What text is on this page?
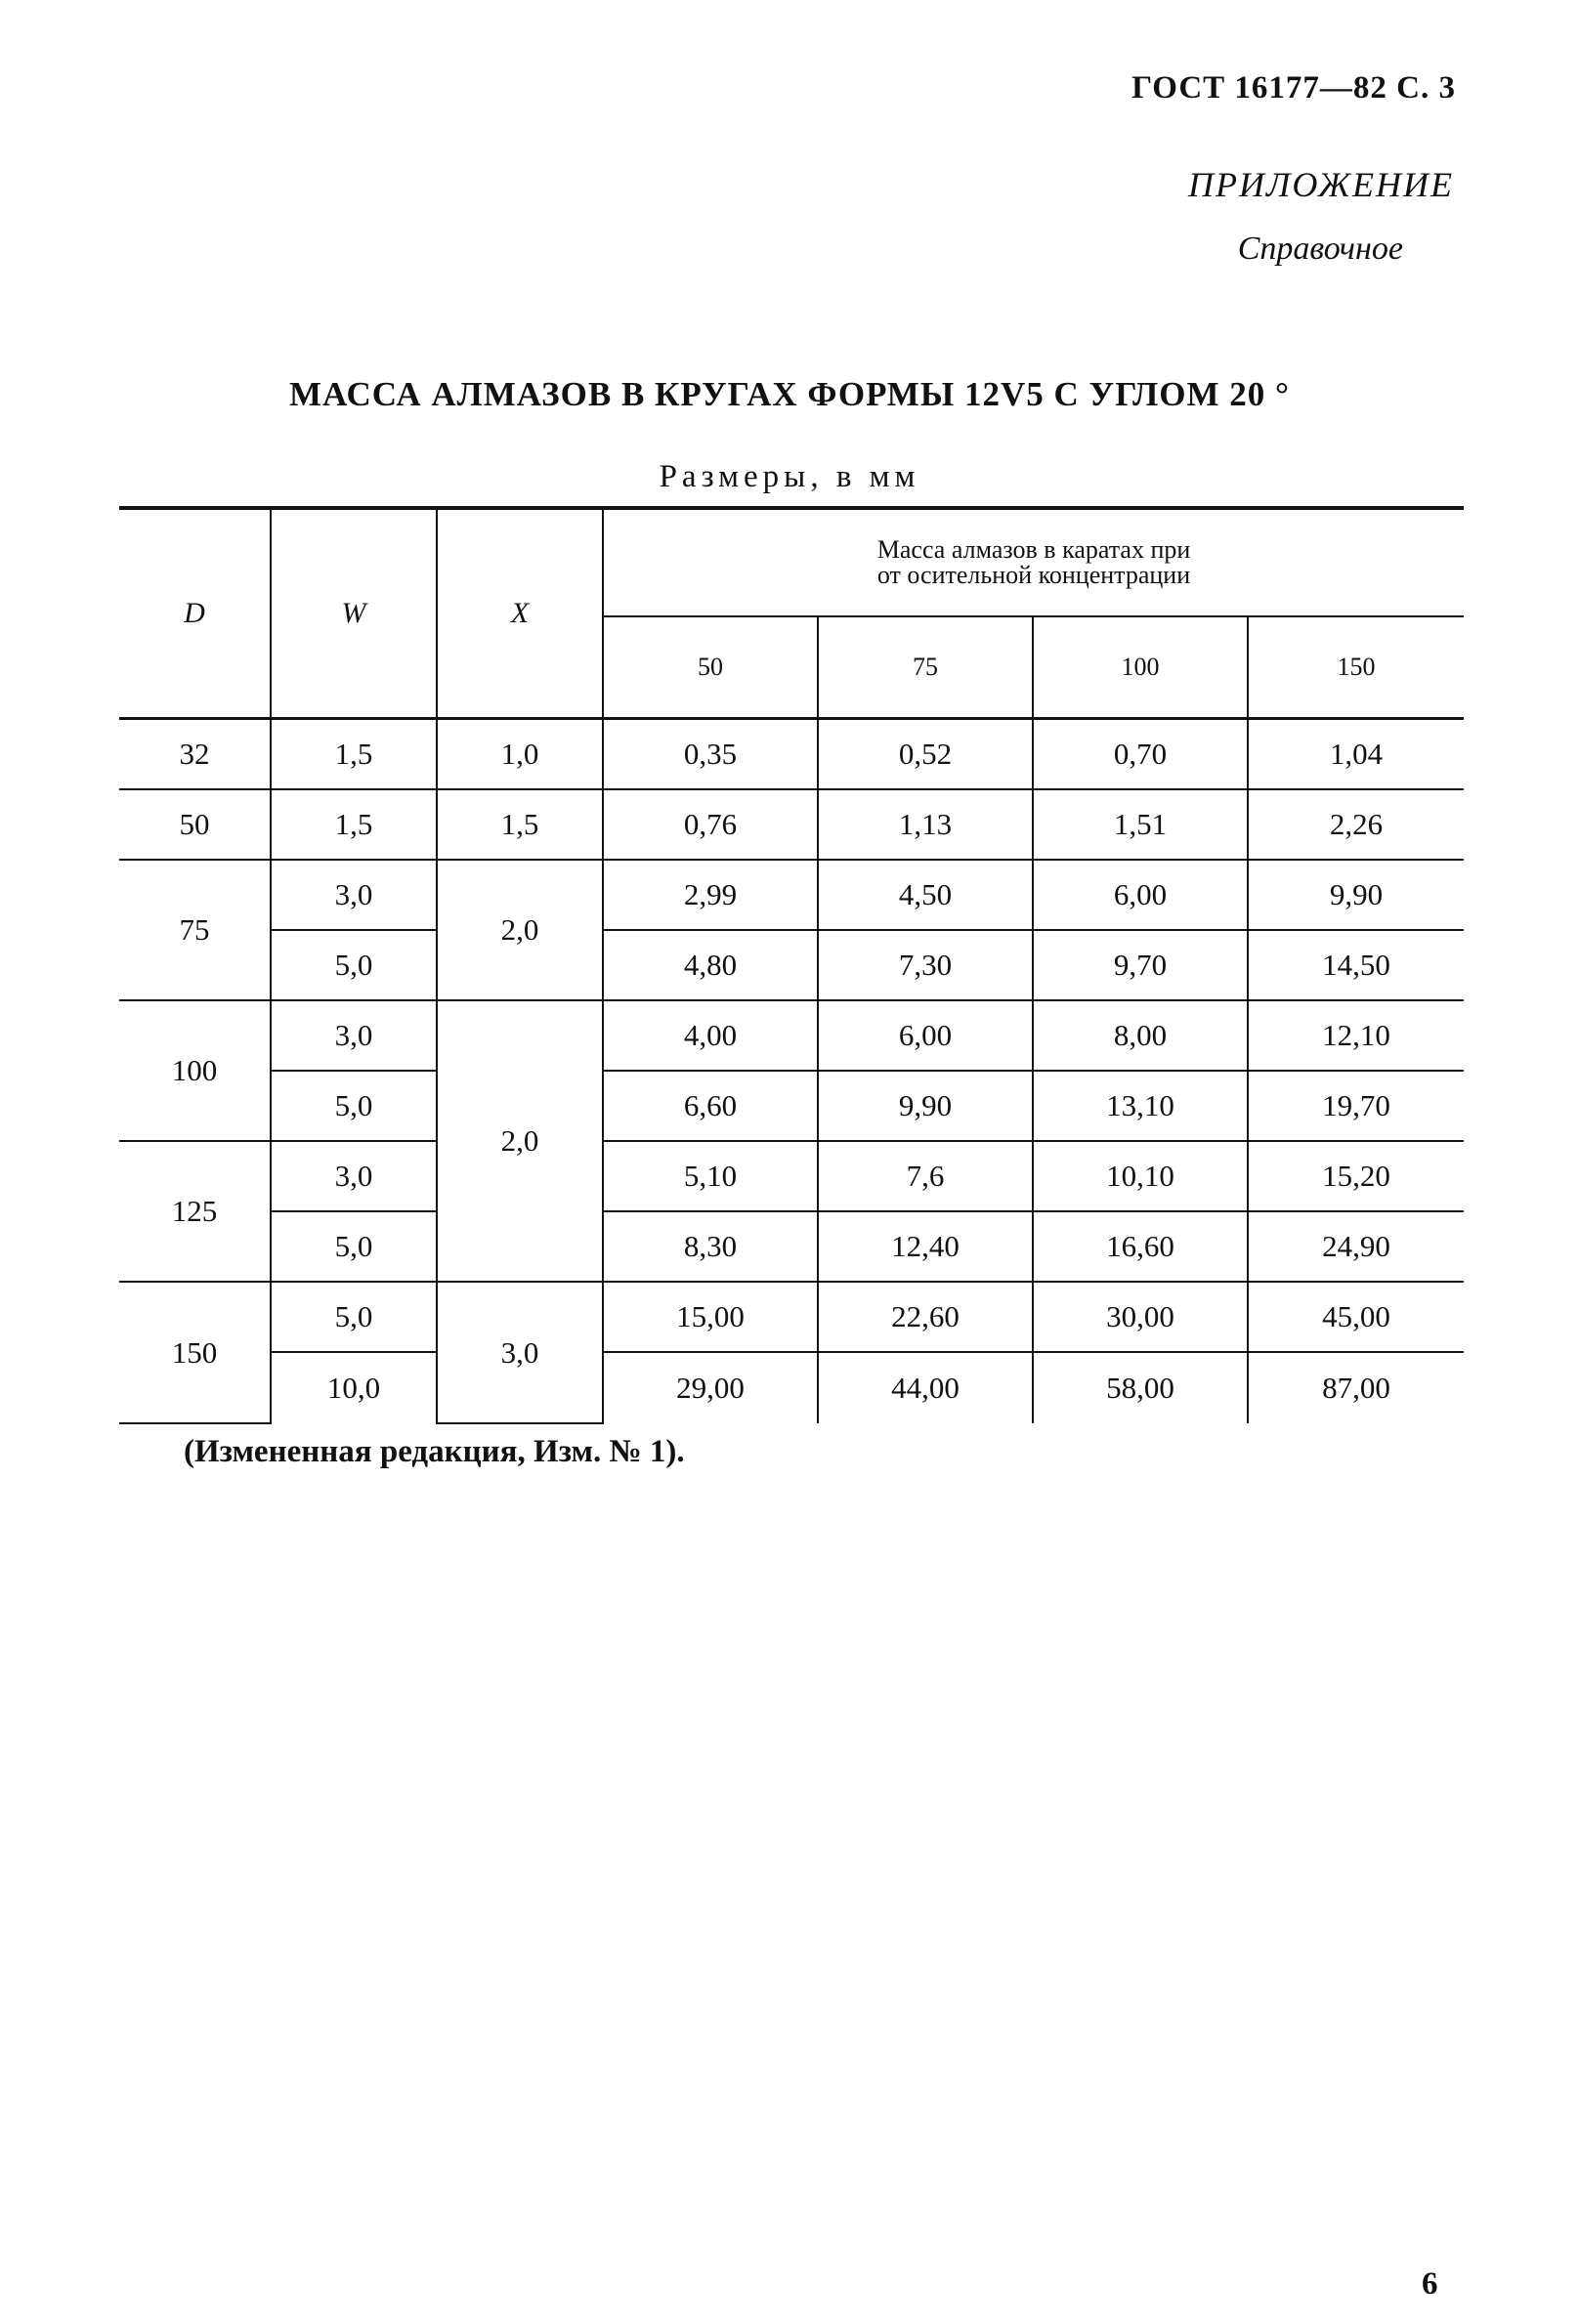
ГОСТ 16177—82 С. 3
ПРИЛОЖЕНИЕ
Справочное
МАССА АЛМАЗОВ В КРУГАХ ФОРМЫ 12V5 С УГЛОМ 20 °
Размеры, в мм
D	W	X	Масса алмазов в каратах при
от осительной концентрации			

			50	75	100	150
32	1,5	1,0	0,35	0,52	0,70	1,04
50	1,5	1,5	0,76	1,13	1,51	2,26
75	3,0	2,0	2,99	4,50	6,00	9,90
	5,0		4,80	7,30	9,70	14,50
100	3,0	2,0	4,00	6,00	8,00	12,10
	5,0		6,60	9,90	13,10	19,70
125	3,0		5,10	7,6	10,10	15,20
	5,0		8,30	12,40	16,60	24,90
150	5,0	3,0	15,00	22,60	30,00	45,00
	10,0		29,00	44,00	58,00	87,00
(Измененная редакция, Изм. № 1).
6
